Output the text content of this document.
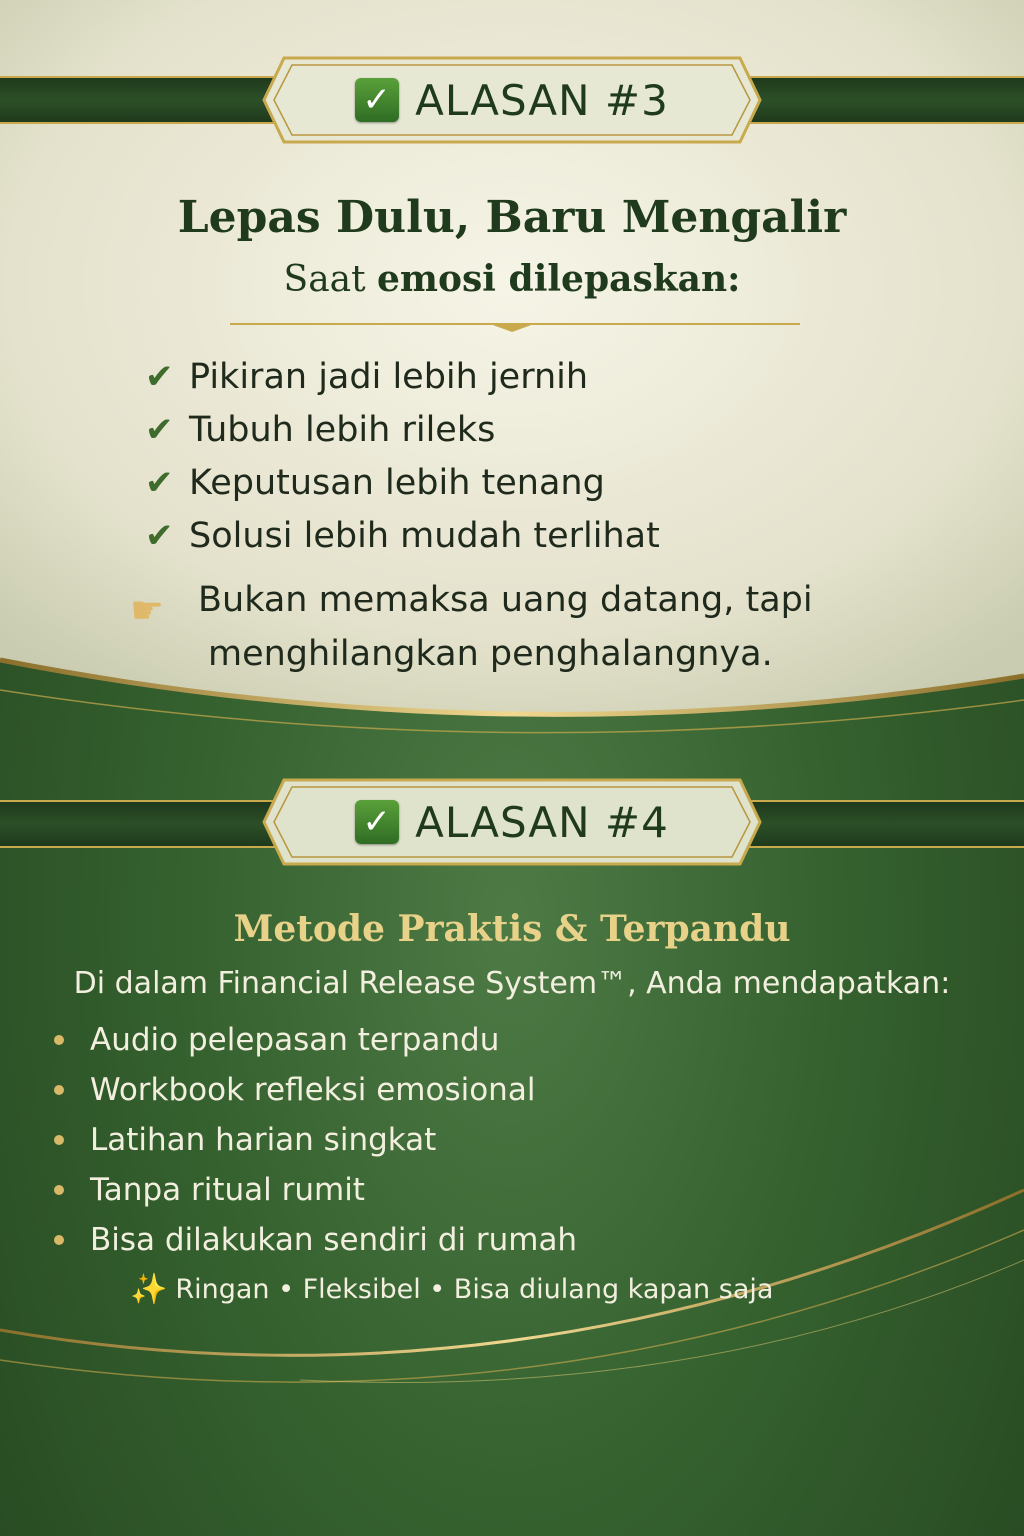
✓ ALASAN #3
Lepas Dulu, Baru Mengalir
Saat emosi dilepaskan:
✔ Pikiran jadi lebih jernih
✔ Tubuh lebih rileks
✔ Keputusan lebih tenang
✔ Solusi lebih mudah terlihat
☛ Bukan memaksa uang datang, tapi
menghilangkan penghalangnya.
✓ ALASAN #4
Metode Praktis & Terpandu
Di dalam Financial Release System™, Anda mendapatkan:
Audio pelepasan terpandu
Workbook refleksi emosional
Latihan harian singkat
Tanpa ritual rumit
Bisa dilakukan sendiri di rumah
✨ Ringan • Fleksibel • Bisa diulang kapan saja
